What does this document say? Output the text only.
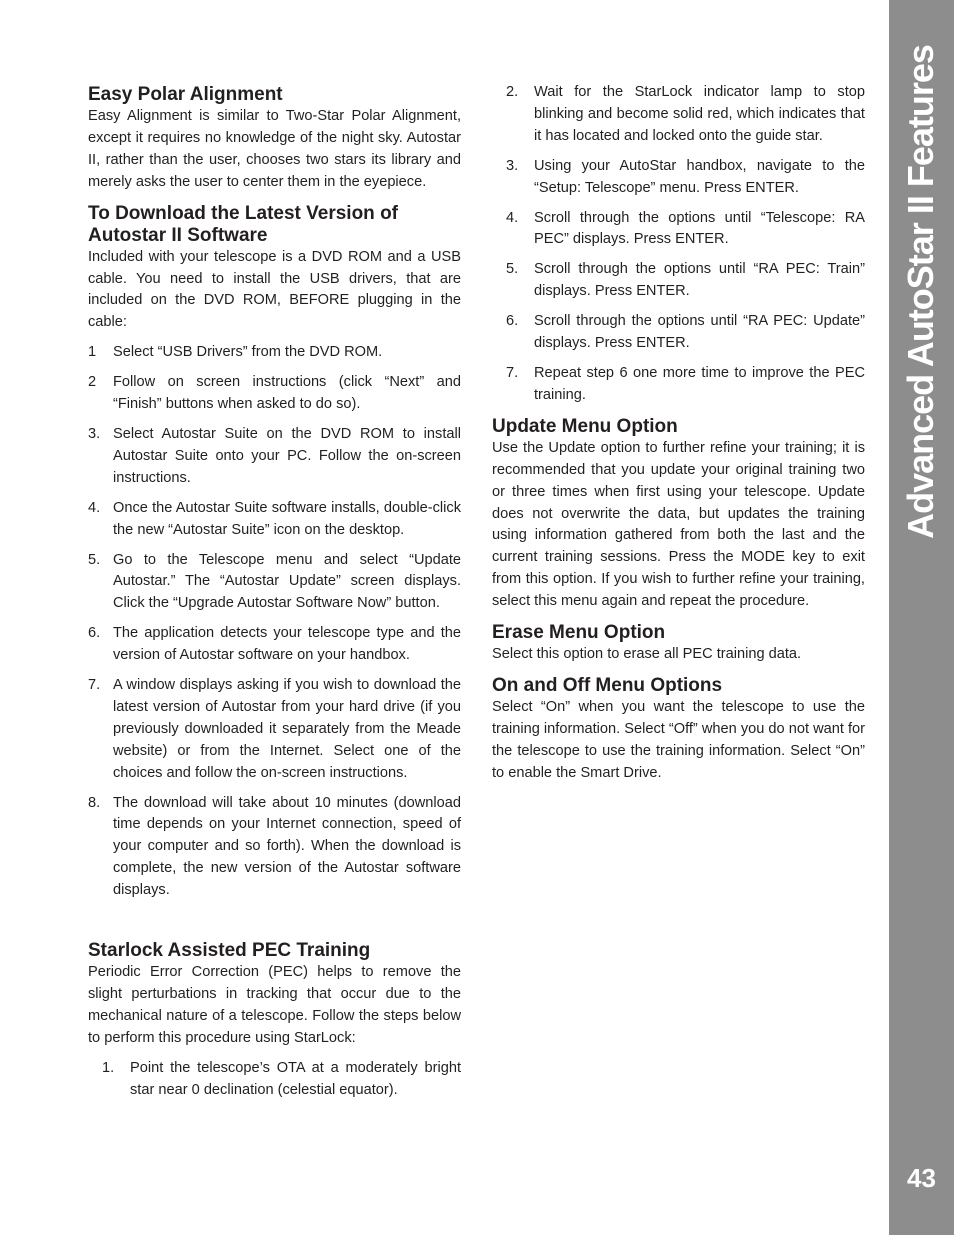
Easy Polar Alignment

Easy Alignment is similar to Two-Star Polar Alignment, except it requires no knowledge of the night sky. Autostar II, rather than the user, chooses two stars its library and merely asks the user to center them in the eyepiece.

To Download the Latest Version of Autostar II Software

Included with your telescope is a DVD ROM and a USB cable. You need to install the USB drivers, that are included on the DVD ROM, BEFORE plugging in the cable:

1 Select “USB Drivers” from the DVD ROM.
2 Follow on screen instructions (click “Next” and “Finish” buttons when asked to do so).
3. Select Autostar Suite on the DVD ROM to install Autostar Suite onto your PC. Follow the on-screen instructions.
4. Once the Autostar Suite software installs, double-click the new “Autostar Suite” icon on the desktop.
5. Go to the Telescope menu and select “Update Autostar.” The “Autostar Update” screen displays. Click the “Upgrade Autostar Software Now” button.
6. The application detects your telescope type and the version of Autostar software on your handbox.
7. A window displays asking if you wish to download the latest version of Autostar from your hard drive (if you previously downloaded it separately from the Meade website) or from the Internet. Select one of the choices and follow the on-screen instructions.
8. The download will take about 10 minutes (download time depends on your Internet connection, speed of your computer and so forth). When the download is complete, the new version of the Autostar software displays.
Starlock Assisted PEC Training

Periodic Error Correction (PEC) helps to remove the slight perturbations in tracking that occur due to the mechanical nature of a telescope. Follow the steps below to perform this procedure using StarLock:

1. Point the telescope’s OTA at a moderately bright star near 0 declination (celestial equator).
2. Wait for the StarLock indicator lamp to stop blinking and become solid red, which indicates that it has located and locked onto the guide star.
3. Using your AutoStar handbox, navigate to the “Setup: Telescope” menu. Press ENTER.
4. Scroll through the options until “Telescope: RA PEC” displays. Press ENTER.
5. Scroll through the options until “RA PEC: Train” displays. Press ENTER.
6. Scroll through the options until “RA PEC: Update” displays. Press ENTER.
7. Repeat step 6 one more time to improve the PEC training.
Update Menu Option

Use the Update option to further refine your training; it is recommended that you update your original training two or three times when first using your telescope. Update does not overwrite the data, but updates the training using information gathered from both the last and the current training sessions. Press the MODE key to exit from this option. If you wish to further refine your training, select this menu again and repeat the procedure.

Erase Menu Option

Select this option to erase all PEC training data.

On and Off Menu Options

Select “On” when you want the telescope to use the training information. Select “Off” when you do not want for the telescope to use the training information. Select “On” to enable the Smart Drive.

Advanced AutoStar II Features
43
